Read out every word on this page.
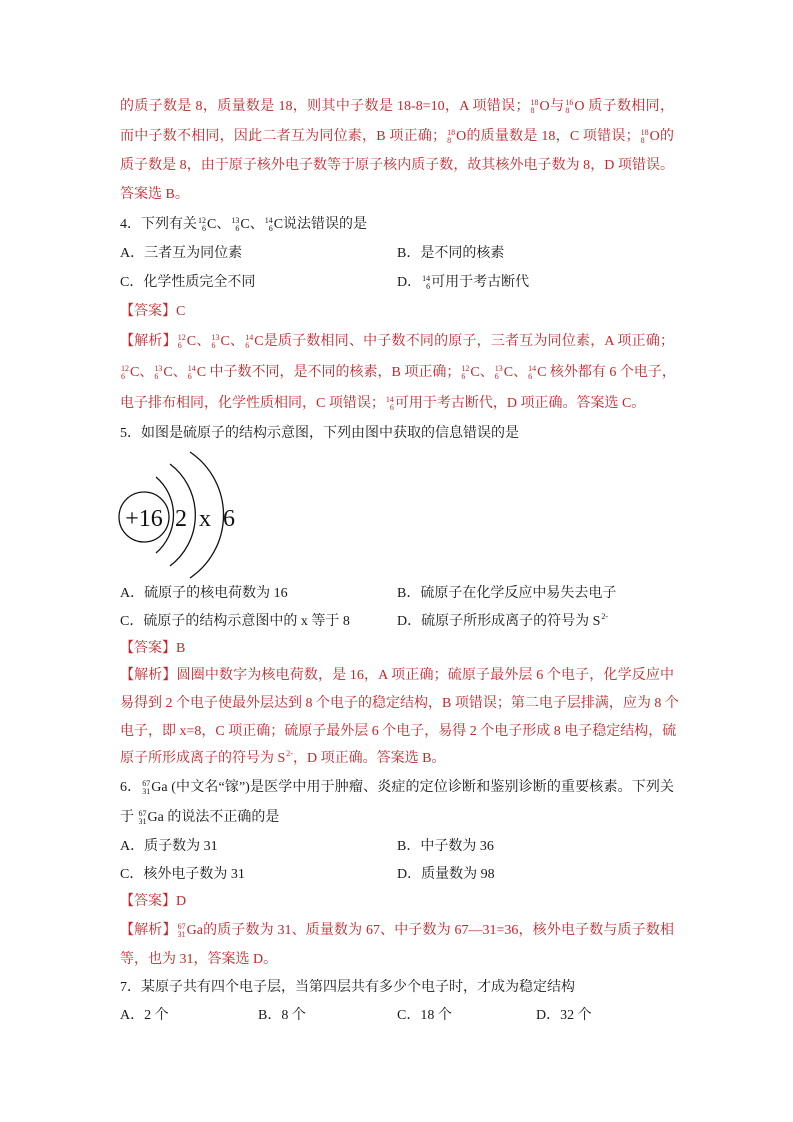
的质子数是 8，质量数是 18，则其中子数是 18-8=10，A 项错误； 18
8 O与 16
8 O 质子数相同，
而中子数不相同，因此二者互为同位素，B 项正确； 18
8 O的质量数是 18，C 项错误； 18
8 O的
质子数是 8，由于原子核外电子数等于原子核内质子数，故其核外电子数为 8，D 项错误。
答案选 B。
4．下列有关 12
6 C、 13
6 C、 14
6 C说法错误的是
A．三者互为同位素	B．是不同的核素
C．化学性质完全不同	D． 14
6 可用于考古断代
【答案】C
【解析】 12
6 C、 13
6 C、 14
6 C是质子数相同、中子数不同的原子，三者互为同位素，A 项正确；
12
6 C、 13
6 C、 14
6 C 中子数不同，是不同的核素，B 项正确； 12
6 C、 13
6 C、 14
6 C 核外都有 6 个电子，
电子排布相同，化学性质相同，C 项错误； 14
6 可用于考古断代，D 项正确。答案选 C。
5．如图是硫原子的结构示意图，下列由图中获取的信息错误的是
+16 2 x 6
A．硫原子的核电荷数为 16	B．硫原子在化学反应中易失去电子
C．硫原子的结构示意图中的 x 等于 8	D．硫原子所形成离子的符号为 $S^{2-}$
【答案】B
【解析】圆圈中数字为核电荷数，是 16，A 项正确；硫原子最外层 6 个电子，化学反应中
易得到 2 个电子使最外层达到 8 个电子的稳定结构，B 项错误；第二电子层排满，应为 8 个
电子，即 x=8，C 项正确；硫原子最外层 6 个电子，易得 2 个电子形成 8 电子稳定结构，硫
原子所形成离子的符号为 $S^{2-}$，D 项正确。答案选 B。
6． 67
31 Ga (中文名“镓”)是医学中用于肿瘤、炎症的定位诊断和鉴别诊断的重要核素。下列关
于 67
31 Ga 的说法不正确的是
A．质子数为 31	B．中子数为 36
C．核外电子数为 31	D．质量数为 98
【答案】D
【解析】 67
31 Ga的质子数为 31、质量数为 67、中子数为 67—31=36，核外电子数与质子数相
等，也为 31，答案选 D。
7．某原子共有四个电子层，当第四层共有多少个电子时，才成为稳定结构
A．2 个	B．8 个	C．18 个	D．32 个
